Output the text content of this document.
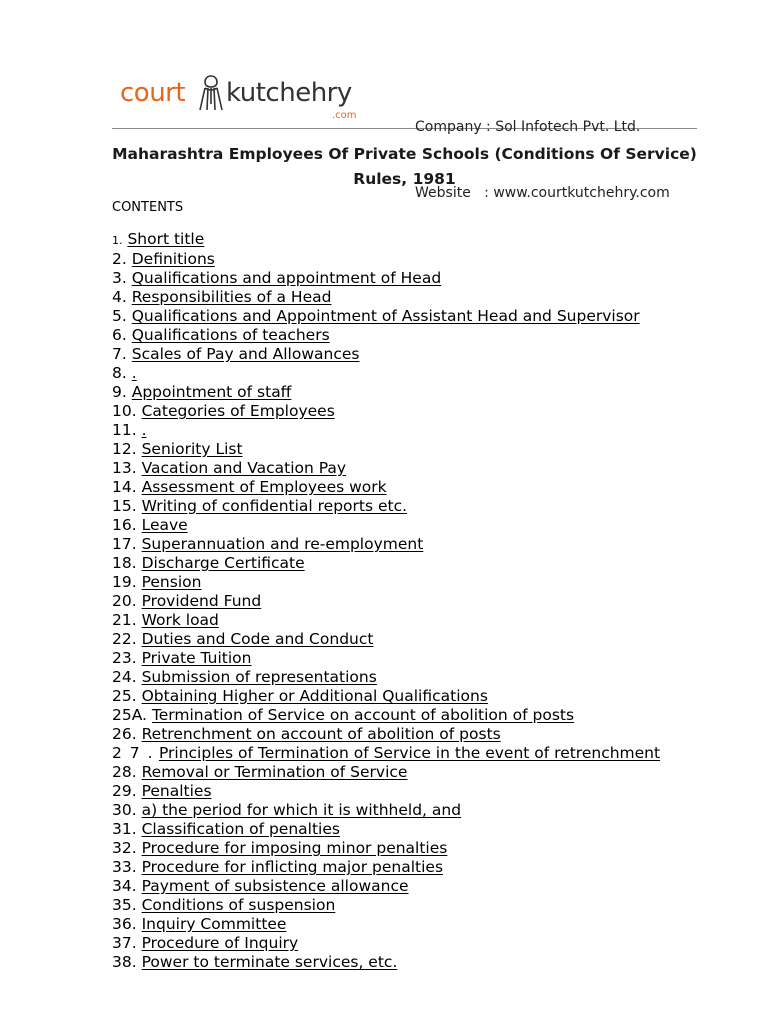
court kutchehry
.com

Company : Sol Infotech Pvt. Ltd.

Website   : www.courtkutchehry.com

Maharashtra Employees Of Private Schools (Conditions Of Service) Rules, 1981
CONTENTS
1. Short title
2. Definitions
3. Qualifications and appointment of Head
4. Responsibilities of a Head
5. Qualifications and Appointment of Assistant Head and Supervisor
6. Qualifications of teachers
7. Scales of Pay and Allowances
8. .
9. Appointment of staff
10. Categories of Employees
11. .
12. Seniority List
13. Vacation and Vacation Pay
14. Assessment of Employees work
15. Writing of confidential reports etc.
16. Leave
17. Superannuation and re-employment
18. Discharge Certificate
19. Pension
20. Providend Fund
21. Work load
22. Duties and Code and Conduct
23. Private Tuition
24. Submission of representations
25. Obtaining Higher or Additional Qualifications
25A. Termination of Service on account of abolition of posts
26. Retrenchment on account of abolition of posts
2 7 . Principles of Termination of Service in the event of retrenchment
28. Removal or Termination of Service
29. Penalties
30. a) the period for which it is withheld, and
31. Classification of penalties
32. Procedure for imposing minor penalties
33. Procedure for inflicting major penalties
34. Payment of subsistence allowance
35. Conditions of suspension
36. Inquiry Committee
37. Procedure of Inquiry
38. Power to terminate services, etc.
